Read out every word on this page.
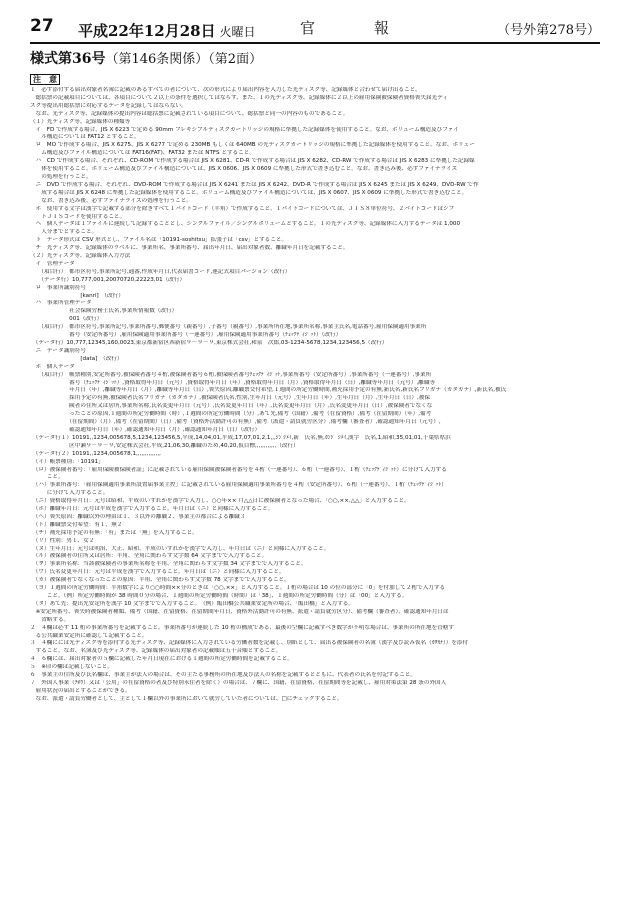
27 平成22年12月28日 火曜日	官　報	（号外第278号）
様式第36号（第146条関係）（第2面）
注　意
１　必ず添付する届出対象者名簿に記載のあるすべての者について、次の形式により届出内容を入力した光ディスク等、記録媒体と合わせて届け出ること。
　総括票の記載項目については、各項目について２以上の条件を選択してはならず、また、１の光ディスク等、記録媒体に２以上の雇用保険被保険者資格喪失届光ディ
スク等提出用総括票に対応するデータを記録してはならない。
　なお、光ディスク等、記録媒体の提出内容は総括票に記載されている項目について、総括票と同一の内容のものであること。
（１）光ディスク等、記録媒体の種類等
　イ　FD で作成する場合、JIS X 6223 で定める 90mm フレキシブルディスクカートリッジの規格に準拠した記録媒体を使用すること。なお、ボリューム構造及びファイ
　　ル構造については FAT12 とすること。
　ロ　MO で作成する場合、JIS X 6275、JIS X 6277 で定める 230MB もしくは 640MB の光ディスクカートリッジの規格に準拠した記録媒体を使用すること。なお、ボリュー
　　ム構造及びファイル構造については FAT16(FAT)、FAT32 または NTFS とすること。
　ハ　CD で作成する場合、それぞれ、CD-ROM で作成する場合は JIS X 6281、CD-R で作成する場合は JIS X 6282、CD-RW で作成する場合は JIS X 6283 に準拠した記録媒
　　体を使用すること。ボリューム構造及びファイル構造については、JIS X 0606、JIS X 0609 に準拠した形式で書き込むこと。なお、書き込み後、必ずファイナライズ
　　の処理を行うこと。
　ニ　DVD で作成する場合、それぞれ、DVD-ROM で作成する場合は JIS X 6241 または JIS X 6242、DVD-R で作成する場合は JIS X 6245 または JIS X 6249、DVD-RW で作
　　成する場合は JIS X 6248 に準拠した記録媒体を使用すること。ボリューム構造及びファイル構造については、JIS X 0607、JIS X 0609 に準拠した形式で書き込むこと。
　　なお、書き込み後、必ずファイナライズの処理を行うこと。
　ホ　使用する文字は漢字で記載する部分を除きすべて１バイトコード（半角）で作成すること。１バイトコードについては、ＪＩＳ８単位符号、２バイトコードはシフ
　　トＪＩＳコードを使用すること。
　ヘ　個人データは１ファイルに連続して記録することとし、シングルファイル／シングルボリュームとすること。１の光ディスク等、記録媒体に入力するデータは 1,000
　　人分までとすること。
　ト　データ形式は CSV 形式とし、ファイル名は「10191-soshitsu」拡張子は「csv」とすること。
　チ　光ディスク等、記録媒体のラベルに、事業所名、事業所番号、届出年月日、届出対象者数、離職年月日を記載すること。
（２）光ディスク等、記録媒体入力方法
　イ　管理データ
　　（項目行）　都市区符号,事業所記号,通番,作成年月日,代表届書コード,連記式項目バージョン（改行）
　　（データ行）10,777,001,20070720,22223,01（改行）
　ロ　事業所識別符号
　　　　　　　　　[kanri]　（改行）
　ハ　事業所管理データ
　　　　　　　社会保険労務士氏名,事業所情報数（改行）
　　　　　　　001（改行）
　　（項目行）　都市区符号,事業所記号,事業所番号,郵便番号（親番号）,子番号（親番号）,事業所所在地,事業所名称,事業主氏名,電話番号,雇用保険適用事業所
　　　　　　　番号（安定所番号）,雇用保険適用事業所番号（一連番号）,雇用保険適用事業所番号（ﾁｪｯｸﾃﾞｨｼﾞｯﾄ）（改行）
　（データ行）10,777,12345,160,0023,東京都新宿区西新宿９－９－９,東京株式会社,和泉　次郎,03-1234-5678,1234,123456,5（改行）
　ニ　データ識別符号
　　　　　　　　　[data]　（改行）
　ホ　個人データ
　　（項目行）　帳票種別,安定所番号,被保険者番号４桁,被保険者番号６桁,被保険者番号ﾁｪｯｸﾃﾞｨｼﾞｯﾄ,事業所番号（安定所番号）,事業所番号（一連番号）,事業所
　　　　　　　番号（ﾁｪｯｸﾃﾞｨｼﾞｯﾄ）,資格取得年月日（元号）,資格取得年月日（年）,資格取得年月日（月）,資格取得年月日（日）,離職等年月日（元号）,離職等
　　　　　　　年月日（年）,離職等年月日（月）,離職等年月日（日）,喪失原因,離職票交付希望,１週間の所定労働時間,補充採用予定の有無,新氏名,新氏名フリガナ（カタカナ）,新氏名,被氏
　　　　　　　採用予定の有無,被保険者氏名フリガナ（カタカナ）,被保険者氏名,性別,生年月日（元号）,生年月日（年）,生年月日（月）,生年月日（日）,被保
　　　　　　　険者の住所又は居所,事業所名称,氏名変更年月日（元号）,氏名変更年月日（年）,氏名変更年月日（月）,氏名変更年月日（日）,被保険者でなくな
　　　　　　　ったことの原因,１週間の所定労働時間（時）,１週間の所定労働時間（分）,あて先,備考（国籍）,備考（在留資格）,備考（在留期間）（年）,備考
　　　　　　　（在留期間）（月）,備考（在留期間）（日）,備考（資格外活動許可の有無）,備考（派遣・請負就労区分）,備考欄（審査者）,確認通知年月日（元号）,
　　　　　　　確認通知年月日（年）,確認通知年月日（月）,確認通知年月日（日）（改行）
　（データ行１）10191,,1234,005678,5,1234,123456,5,平成,14,04,01,平成,17,07,01,2,1,,,ｼﾝ ｼﾒｲ,新　氏名,無,ｶﾝｼﾞ ｼﾒｲ,漢字　氏名,1,昭和,35,01,01,千葉県県浜
　　　　　　　区中瀬９－９－９,安定株式会社,平成,21,06,30,離職のため,40,20,仮目標,,,,,,,,,,,,（改行）
　（データ行２）10191,,1234,005678,1,,,,,,,,,,,,,,
　（イ）帳票種別：「10191」
　（ロ）被保険者番号：「雇用保険被保険者証」に記載されている雇用保険被保険者番号を４桁（一連番号）、６桁（一連番号）、１桁（ﾁｪｯｸﾃﾞｨｼﾞｯﾄ）に分けて入力する
　　　こと。
　（ハ）事業所番号：「雇用保険適用事業所設置届事業主控」に記載されている雇用保険適用事業所番号を４桁（安定所番号）、６桁（一連番号）、１桁（ﾁｪｯｸﾃﾞｨｼﾞｯﾄ）
　　　に分けて入力すること。
　（ニ）資格取得年月日：元号は昭和、平成のいずれかを漢字で入力し、○○年×× 月△△日に被保険者となった場合、「○○,××,△△」と入力すること。
　（ホ）離職年月日：元号は平成を漢字で入力すること。年月日は（ニ）と同様に入力すること。
　（ヘ）喪失原因：離職以外の理由は１、３以外の離職２、事業主の都合による離職３
　（ト）離職票交付希望：有１、無２
　（チ）補充採用予定の有無：「有」または「無」を入力すること。
　（リ）性別：男１、女２
　（ヌ）生年月日：元号は明治、大正、昭和、平成のいずれかを漢字で入力し、年月日は（ニ）と同様に入力すること。
　（ル）被保険者の住所又は居所：半角、全角に関わらず文字数 64 文字までで入力すること。
　（ヲ）事業所名称：当該被保険者の事業所名称を半角、全角に関わらず文字数 34 文字までで入力すること。
　（ワ）氏名変更年月日：元号は平成を漢字で入力すること。年月日は（ニ）と同様に入力すること。
　（カ）被保険者でなくなったことの原因：半角、全角に関わらず文字数 78 文字までで入力すること。
　（ヨ）１週間の所定労働時間：半角数字により○○時間××分のときは「○○,××」と入力すること。１桁の場合は 10 の位の部分に「0」を付加して２桁で入力する
　　　こと。（例）所定労働時間が 38 時間０分の場合、１週間の所定労働時間（時間）は「38」、１週間の所定労働時間（分）は「00」と入力する。
　（タ）あて先：提出先安定所を漢字 10 文字までで入力すること。　（例）飯田橋公共職業安定所の場合、「飯田橋」と入力する。
　※安定所番号、喪失時被保険者種類、備考（国籍、在留資格、在留期間年月日、資格外活動許可の有無、派遣・請負就労区分）、備考欄（審査者）、確認通知年月日は
　　省略する。
２　４欄は必ず 11 桁の事業所番号を記載すること。事業所番号が連続した 10 桁の構成である、最後の空欄に記載すべき数字が不明な場合は、事業所の所在地を管轄す
　る公共職業安定所に確認して記載すること。
３　４欄にには光ディスク等を添付する光ディスク等、記録媒体に入力されている労働者数を記載し、別紙として、届出る被保険者の名簿（漢字及び読み仮名（ｶﾀｶﾅ））を添付
　すること。なお、名簿及び光ディスク等、記録媒体の届出対象者の記載順は五十音順とすること。
４　６欄には、届出対象者の５欄に記載した年月日現在における１週間の所定労働時間を記載すること。
５　※印の欄は記載しないこと。
６　事業主の住所及び氏名欄は、事業主が法人の場合は、その主たる事務所の所在地及び法人の名称を記載するとともに、代表者の氏名を付記すること。
７　外国人事業（ﾁﾎｳ）又は「公用」の在留資格の者及び特別永住者を除く）の場合は、７欄に、国籍、在留資格、在留期間等を記載し、雇用対策法第 28 条の外国人
　雇用状況の届出とすることができる。
　なお、派遣・請負労働者として、主として１欄以外の事業所において就労していた者については、□にチェックすること。
